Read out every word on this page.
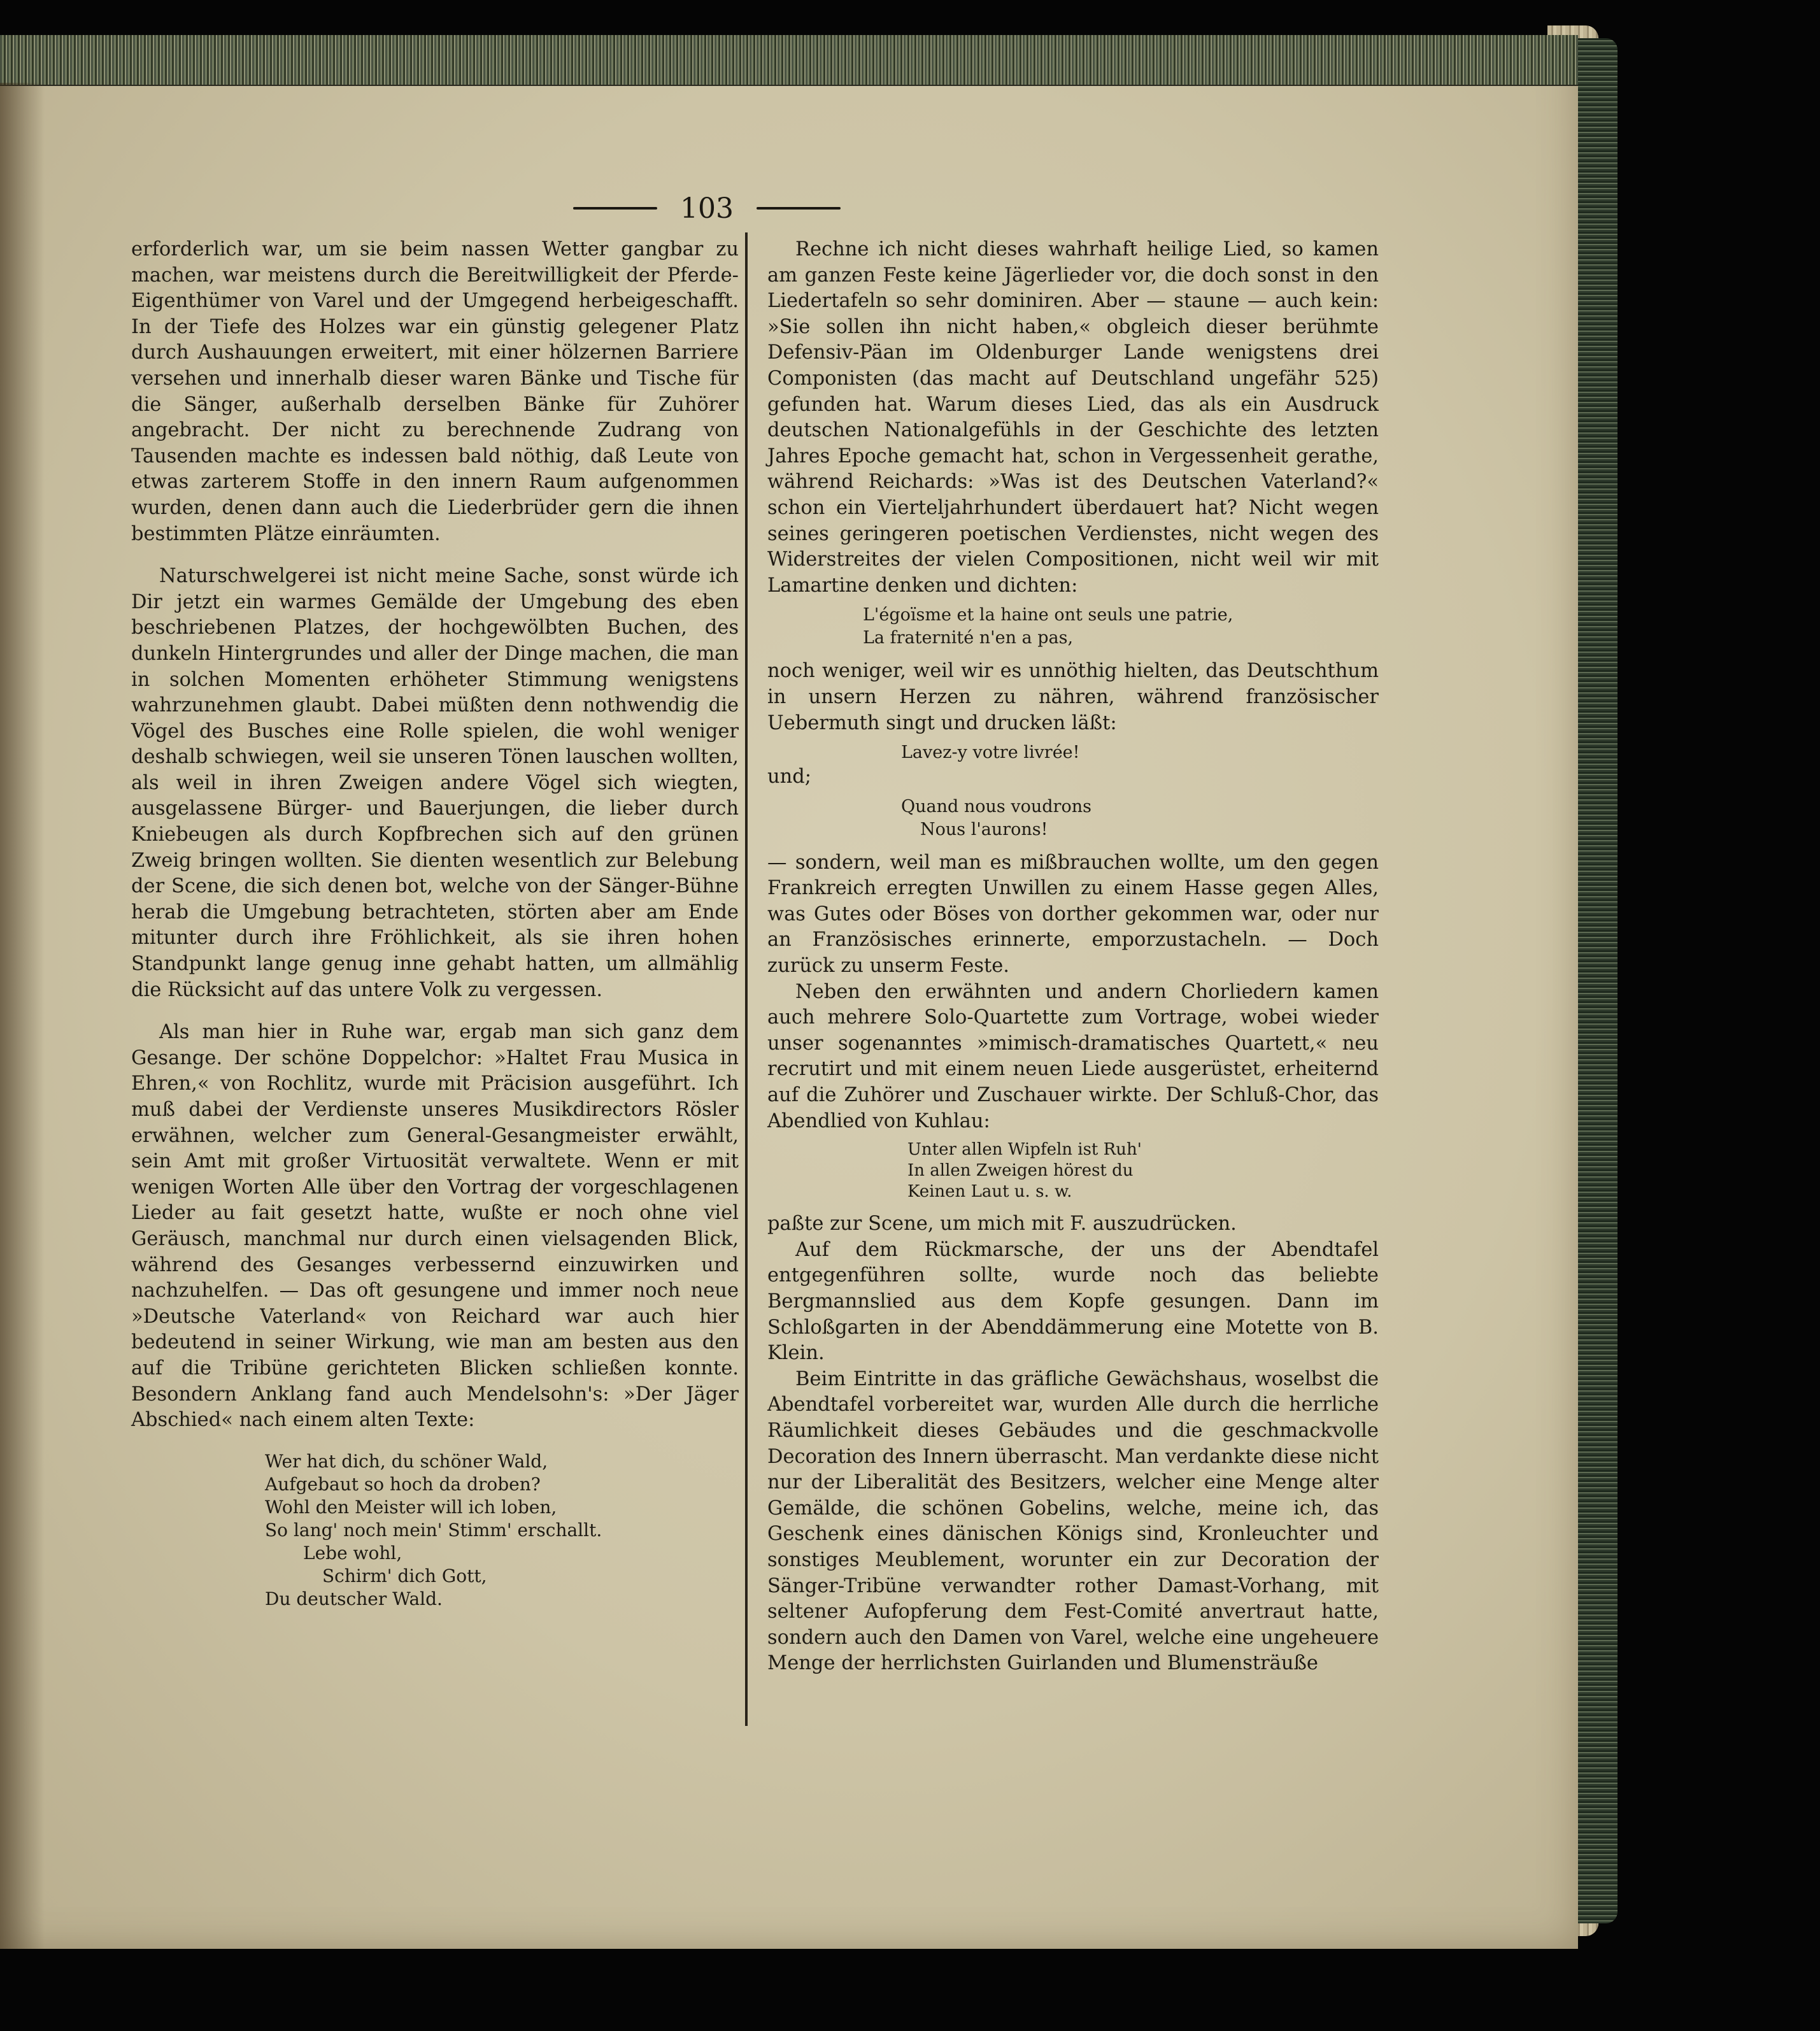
103

erforderlich war, um sie beim nassen Wetter gangbar zu machen, war meistens durch die Bereitwilligkeit der Pferde-Eigenthümer von Varel und der Umgegend herbeigeschafft. In der Tiefe des Holzes war ein günstig gelegener Platz durch Aushauungen erweitert, mit einer hölzernen Barriere versehen und innerhalb dieser waren Bänke und Tische für die Sänger, außerhalb derselben Bänke für Zuhörer angebracht. Der nicht zu berechnende Zudrang von Tausenden machte es indessen bald nöthig, daß Leute von etwas zarterem Stoffe in den innern Raum aufgenommen wurden, denen dann auch die Liederbrüder gern die ihnen bestimmten Plätze einräumten.

Naturschwelgerei ist nicht meine Sache, sonst würde ich Dir jetzt ein warmes Gemälde der Umgebung des eben beschriebenen Platzes, der hochgewölbten Buchen, des dunkeln Hintergrundes und aller der Dinge machen, die man in solchen Momenten erhöheter Stimmung wenigstens wahrzunehmen glaubt. Dabei müßten denn nothwendig die Vögel des Busches eine Rolle spielen, die wohl weniger deshalb schwiegen, weil sie unseren Tönen lauschen wollten, als weil in ihren Zweigen andere Vögel sich wiegten, ausgelassene Bürger- und Bauerjungen, die lieber durch Kniebeugen als durch Kopfbrechen sich auf den grünen Zweig bringen wollten. Sie dienten wesentlich zur Belebung der Scene, die sich denen bot, welche von der Sänger-Bühne herab die Umgebung betrachteten, störten aber am Ende mitunter durch ihre Fröhlichkeit, als sie ihren hohen Standpunkt lange genug inne gehabt hatten, um allmählig die Rücksicht auf das untere Volk zu vergessen.

Als man hier in Ruhe war, ergab man sich ganz dem Gesange. Der schöne Doppelchor: »Haltet Frau Musica in Ehren,« von Rochlitz, wurde mit Präcision ausgeführt. Ich muß dabei der Verdienste unseres Musikdirectors Rösler erwähnen, welcher zum General-Gesangmeister erwählt, sein Amt mit großer Virtuosität verwaltete. Wenn er mit wenigen Worten Alle über den Vortrag der vorgeschlagenen Lieder au fait gesetzt hatte, wußte er noch ohne viel Geräusch, manchmal nur durch einen vielsagenden Blick, während des Gesanges verbessernd einzuwirken und nachzuhelfen. — Das oft gesungene und immer noch neue »Deutsche Vaterland« von Reichard war auch hier bedeutend in seiner Wirkung, wie man am besten aus den auf die Tribüne gerichteten Blicken schließen konnte. Besondern Anklang fand auch Mendelsohn's: »Der Jäger Abschied« nach einem alten Texte:

Wer hat dich, du schöner Wald,
Aufgebaut so hoch da droben?
Wohl den Meister will ich loben,
So lang' noch mein' Stimm' erschallt.
Lebe wohl,
Schirm' dich Gott,
Du deutscher Wald.

Rechne ich nicht dieses wahrhaft heilige Lied, so kamen am ganzen Feste keine Jägerlieder vor, die doch sonst in den Liedertafeln so sehr dominiren. Aber — staune — auch kein: »Sie sollen ihn nicht haben,« obgleich dieser berühmte Defensiv-Päan im Oldenburger Lande wenigstens drei Componisten (das macht auf Deutschland ungefähr 525) gefunden hat. Warum dieses Lied, das als ein Ausdruck deutschen Nationalgefühls in der Geschichte des letzten Jahres Epoche gemacht hat, schon in Vergessenheit gerathe, während Reichards: »Was ist des Deutschen Vaterland?« schon ein Vierteljahrhundert überdauert hat? Nicht wegen seines geringeren poetischen Verdienstes, nicht wegen des Widerstreites der vielen Compositionen, nicht weil wir mit Lamartine denken und dichten:

L'égoïsme et la haine ont seuls une patrie,
La fraternité n'en a pas,

noch weniger, weil wir es unnöthig hielten, das Deutschthum in unsern Herzen zu nähren, während französischer Uebermuth singt und drucken läßt:

Lavez-y votre livrée!

und;

Quand nous voudrons
Nous l'aurons!

— sondern, weil man es mißbrauchen wollte, um den gegen Frankreich erregten Unwillen zu einem Hasse gegen Alles, was Gutes oder Böses von dorther gekommen war, oder nur an Französisches erinnerte, emporzustacheln. — Doch zurück zu unserm Feste.

Neben den erwähnten und andern Chorliedern kamen auch mehrere Solo-Quartette zum Vortrage, wobei wieder unser sogenanntes »mimisch-dramatisches Quartett,« neu recrutirt und mit einem neuen Liede ausgerüstet, erheiternd auf die Zuhörer und Zuschauer wirkte. Der Schluß-Chor, das Abendlied von Kuhlau:

Unter allen Wipfeln ist Ruh'
In allen Zweigen hörest du
Keinen Laut u. s. w.

paßte zur Scene, um mich mit F. auszudrücken.

Auf dem Rückmarsche, der uns der Abendtafel entgegenführen sollte, wurde noch das beliebte Bergmannslied aus dem Kopfe gesungen. Dann im Schloßgarten in der Abenddämmerung eine Motette von B. Klein.

Beim Eintritte in das gräfliche Gewächshaus, woselbst die Abendtafel vorbereitet war, wurden Alle durch die herrliche Räumlichkeit dieses Gebäudes und die geschmackvolle Decoration des Innern überrascht. Man verdankte diese nicht nur der Liberalität des Besitzers, welcher eine Menge alter Gemälde, die schönen Gobelins, welche, meine ich, das Geschenk eines dänischen Königs sind, Kronleuchter und sonstiges Meublement, worunter ein zur Decoration der Sänger-Tribüne verwandter rother Damast-Vorhang, mit seltener Aufopferung dem Fest-Comité anvertraut hatte, sondern auch den Damen von Varel, welche eine ungeheuere Menge der herrlichsten Guirlanden und Blumensträuße
